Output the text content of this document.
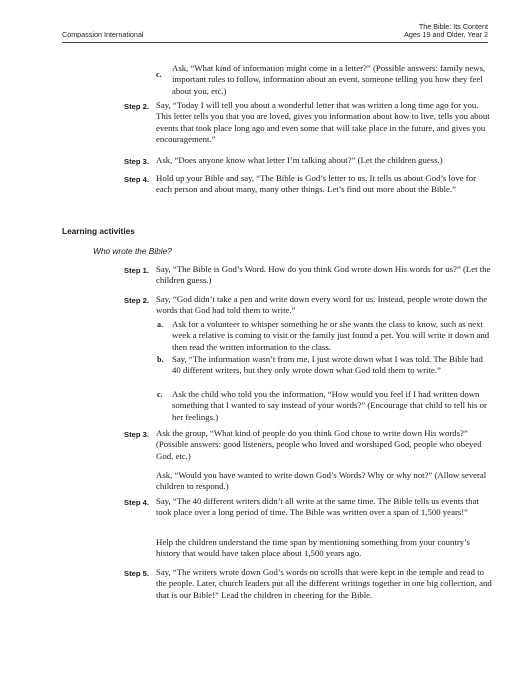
Compassion International
The Bible: Its Content
Ages 19 and Older, Year 2
c.

Ask, “What kind of information might come in a letter?” (Possible answers: family news, important rules to follow, information about an event, someone telling you how they feel about you, etc.)

Step 2. Say, “Today I will tell you about a wonderful letter that was written a long time ago for you. This letter tells you that you are loved, gives you information about how to live, tells you about events that took place long ago and even some that will take place in the future, and gives you encouragement.”

Step 3. Ask, “Does anyone know what letter I’m talking about?” (Let the children guess.)

Step 4. Hold up your Bible and say, “The Bible is God’s letter to us. It tells us about God’s love for each person and about many, many other things. Let’s find out more about the Bible.”

Learning activities
Who wrote the Bible?
Step 1. Say, “The Bible is God’s Word. How do you think God wrote down His words for us?” (Let the children guess.)

Step 2. Say, “God didn’t take a pen and write down every word for us. Instead, people wrote down the words that God had told them to write.”

a. Ask for a volunteer to whisper something he or she wants the class to know, such as next week a relative is coming to visit or the family just found a pet. You will write it down and then read the written information to the class.

b. Say, “The information wasn’t from me, I just wrote down what I was told. The Bible had 40 different writers, but they only wrote down what God told them to write.”

c. Ask the child who told you the information, “How would you feel if I had written down something that I wanted to say instead of your words?” (Encourage that child to tell his or her feelings.)

Step 3. Ask the group, “What kind of people do you think God chose to write down His words?” (Possible answers: good listeners, people who loved and worshiped God, people who obeyed God, etc.)

Ask, “Would you have wanted to write down God’s Words? Why or why not?” (Allow several children to respond.)

Step 4. Say, “The 40 different writers didn’t all write at the same time. The Bible tells us events that took place over a long period of time. The Bible was written over a span of 1,500 years!”

Help the children understand the time span by mentioning something from your country’s history that would have taken place about 1,500 years ago.

Step 5. Say, “The writers wrote down God’s words on scrolls that were kept in the temple and read to the people. Later, church leaders put all the different writings together in one big collection, and that is our Bible!” Lead the children in cheering for the Bible.
